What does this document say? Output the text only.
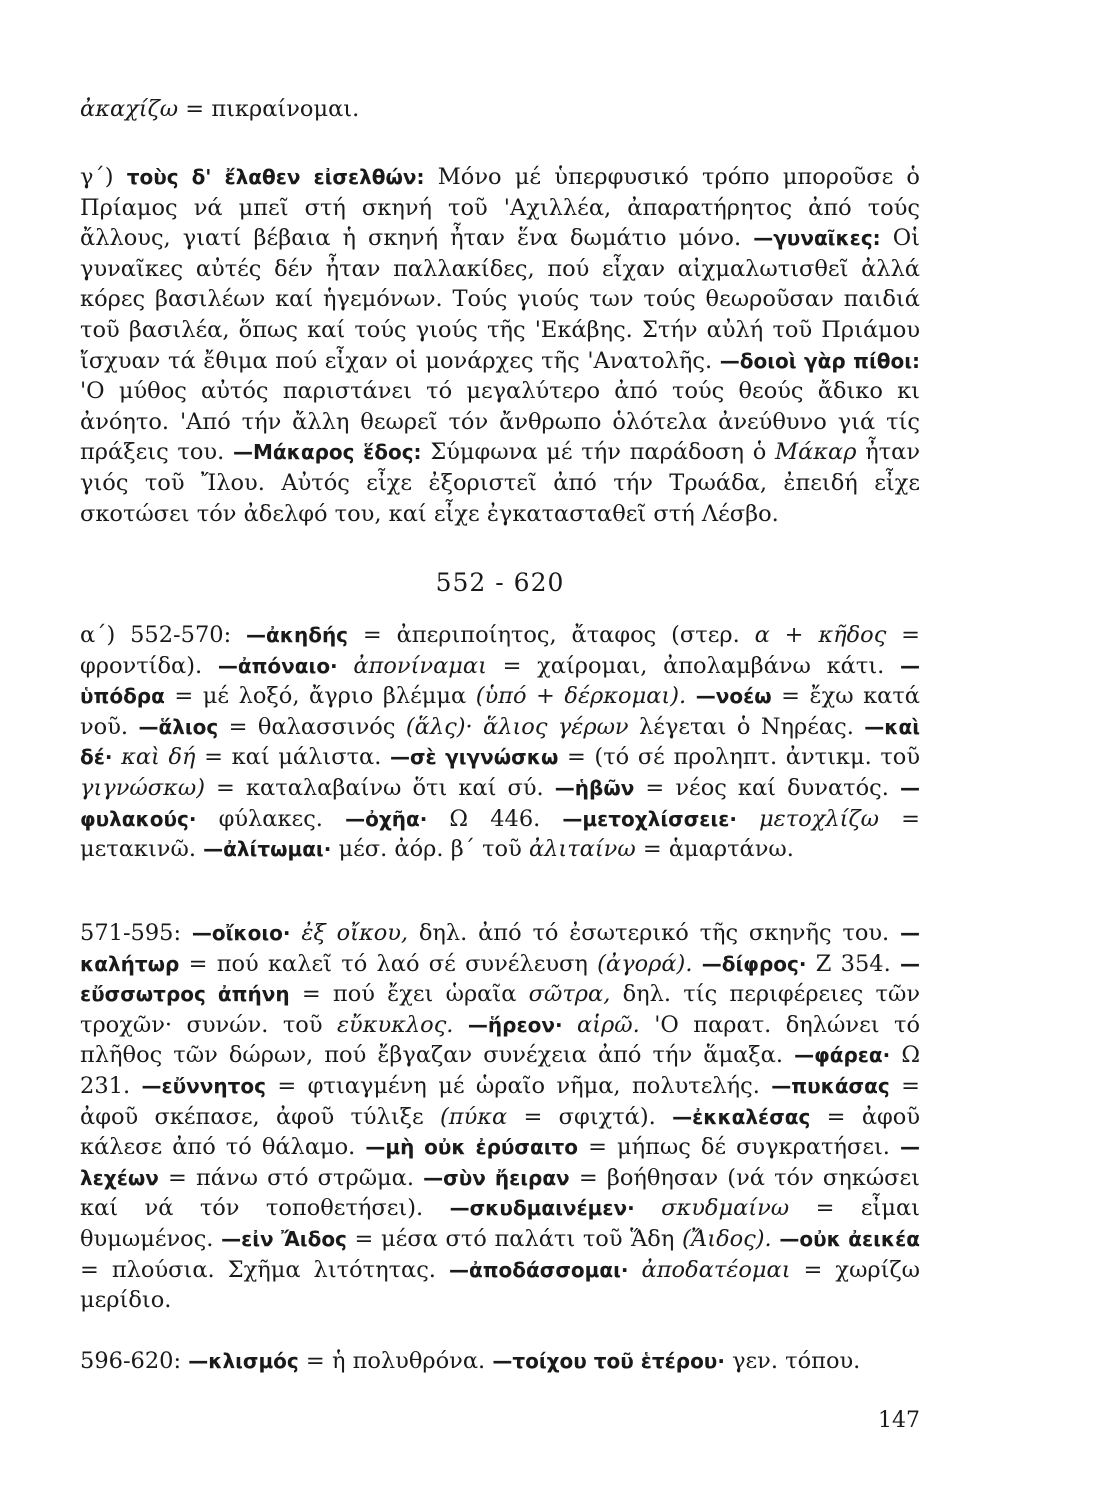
ἀκαχίζω = πικραίνομαι.

γ΄) τοὺς δ' ἔλαθεν εἰσελθών: Μόνο μέ ὑπερφυσικό τρόπο μποροῦσε ὁ Πρίαμος νά μπεῖ στή σκηνή τοῦ 'Αχιλλέα, ἀπαρατήρητος ἀπό τούς ἄλλους, γιατί βέβαια ἡ σκηνή ἦταν ἕνα δωμάτιο μόνο. —γυναῖκες: Οἱ γυναῖκες αὐτές δέν ἦταν παλλακίδες, πού εἶχαν αἰχμαλωτισθεῖ ἀλλά κόρες βασιλέων καί ἡγεμόνων. Τούς γιούς των τούς θεωροῦσαν παιδιά τοῦ βασιλέα, ὅπως καί τούς γιούς τῆς 'Εκάβης. Στήν αὐλή τοῦ Πριάμου ἴσχυαν τά ἔθιμα πού εἶχαν οἱ μονάρχες τῆς 'Ανατολῆς. —δοιοὶ γὰρ πίθοι: 'Ο μύθος αὐτός παριστάνει τό μεγαλύτερο ἀπό τούς θεούς ἄδικο κι ἀνόητο. 'Από τήν ἄλλη θεωρεῖ τόν ἄνθρωπο ὁλότελα ἀνεύθυνο γιά τίς πράξεις του. —Μάκαρος ἕδος: Σύμφωνα μέ τήν παράδοση ὁ Μάκαρ ἦταν γιός τοῦ Ἴλου. Αὐτός εἶχε ἐξοριστεῖ ἀπό τήν Τρωάδα, ἐπειδή εἶχε σκοτώσει τόν ἀδελφό του, καί εἶχε ἐγκατασταθεῖ στή Λέσβο.

552 - 620

α΄) 552-570: —ἀκηδής = ἀπεριποίητος, ἄταφος (στερ. α + κῆδος = φροντίδα). —ἀπόναιο· ἀπονίναμαι = χαίρομαι, ἀπολαμβάνω κάτι. —ὑπόδρα = μέ λοξό, ἄγριο βλέμμα (ὑπό + δέρκομαι). —νοέω = ἔχω κατά νοῦ. —ἅλιος = θαλασσινός (ἅλς)· ἅλιος γέρων λέγεται ὁ Νηρέας. —καὶ δέ· καὶ δή = καί μάλιστα. —σὲ γιγνώσκω = (τό σέ προληπτ. ἀντικμ. τοῦ γιγνώσκω) = καταλαβαίνω ὅτι καί σύ. —ἡβῶν = νέος καί δυνατός. —φυλακούς· φύλακες. —ὀχῆα· Ω 446. —μετοχλίσσειε· μετοχλίζω = μετακινῶ. —ἀλίτωμαι· μέσ. ἀόρ. β΄ τοῦ ἀλιταίνω = ἁμαρτάνω.

571-595: —οἴκοιο· ἐξ οἴκου, δηλ. ἀπό τό ἐσωτερικό τῆς σκηνῆς του. —καλήτωρ = πού καλεῖ τό λαό σέ συνέλευση (ἀγορά). —δίφρος· Ζ 354. —εὔσσωτρος ἀπήνη = πού ἔχει ὡραῖα σῶτρα, δηλ. τίς περιφέρειες τῶν τροχῶν· συνών. τοῦ εὔκυκλος. —ἥρεον· αἱρῶ. 'Ο παρατ. δηλώνει τό πλῆθος τῶν δώρων, πού ἔβγαζαν συνέχεια ἀπό τήν ἅμαξα. —φάρεα· Ω 231. —εὔννητος = φτιαγμένη μέ ὡραῖο νῆμα, πολυτελής. —πυκάσας = ἀφοῦ σκέπασε, ἀφοῦ τύλιξε (πύκα = σφιχτά). —ἐκκαλέσας = ἀφοῦ κάλεσε ἀπό τό θάλαμο. —μὴ οὐκ ἐρύσαιτο = μήπως δέ συγκρατήσει. —λεχέων = πάνω στό στρῶμα. —σὺν ἤειραν = βοήθησαν (νά τόν σηκώσει καί νά τόν τοποθετήσει). —σκυδμαινέμεν· σκυδμαίνω = εἶμαι θυμωμένος. —εἰν Ἄιδος = μέσα στό παλάτι τοῦ Ἅδη (Ἄιδος). —οὐκ ἀεικέα = πλούσια. Σχῆμα λιτότητας. —ἀποδάσσομαι· ἀποδατέομαι = χωρίζω μερίδιο.

596-620: —κλισμός = ἡ πολυθρόνα. —τοίχου τοῦ ἑτέρου· γεν. τόπου.

147
